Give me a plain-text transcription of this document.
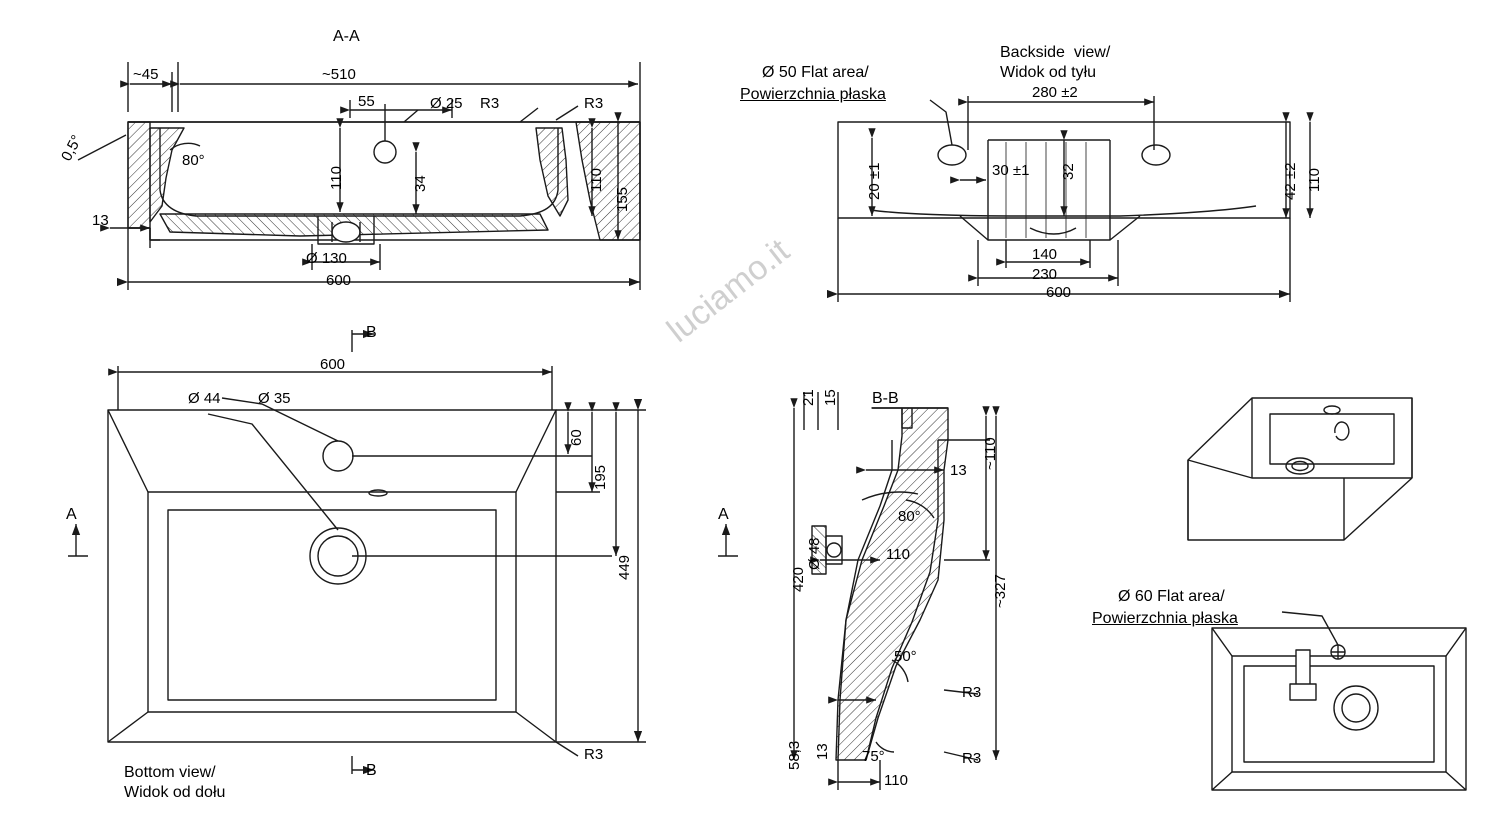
luciamo.it
A-A
~45	~510
55	Ø 25 R3	R3
110	110
155
34
80°
0,5°
13
Ø 130
600
Backside  view/
Widok od tyłu
Ø 50 Flat area/
Powierzchnia płaska	280 ±2
30 ±1
20 ±1	32	42 ±2 110
140
230
600
Bottom view/
Widok od dołu
B
B
A
600
Ø 44 Ø 35
60
195
449
R3
B-B
A
21 15
13
~110
80°
Ø 48	110
420	~327
50°
R3
R3
58,3 13 75°
110
Ø 60 Flat area/
Powierzchnia płaska
